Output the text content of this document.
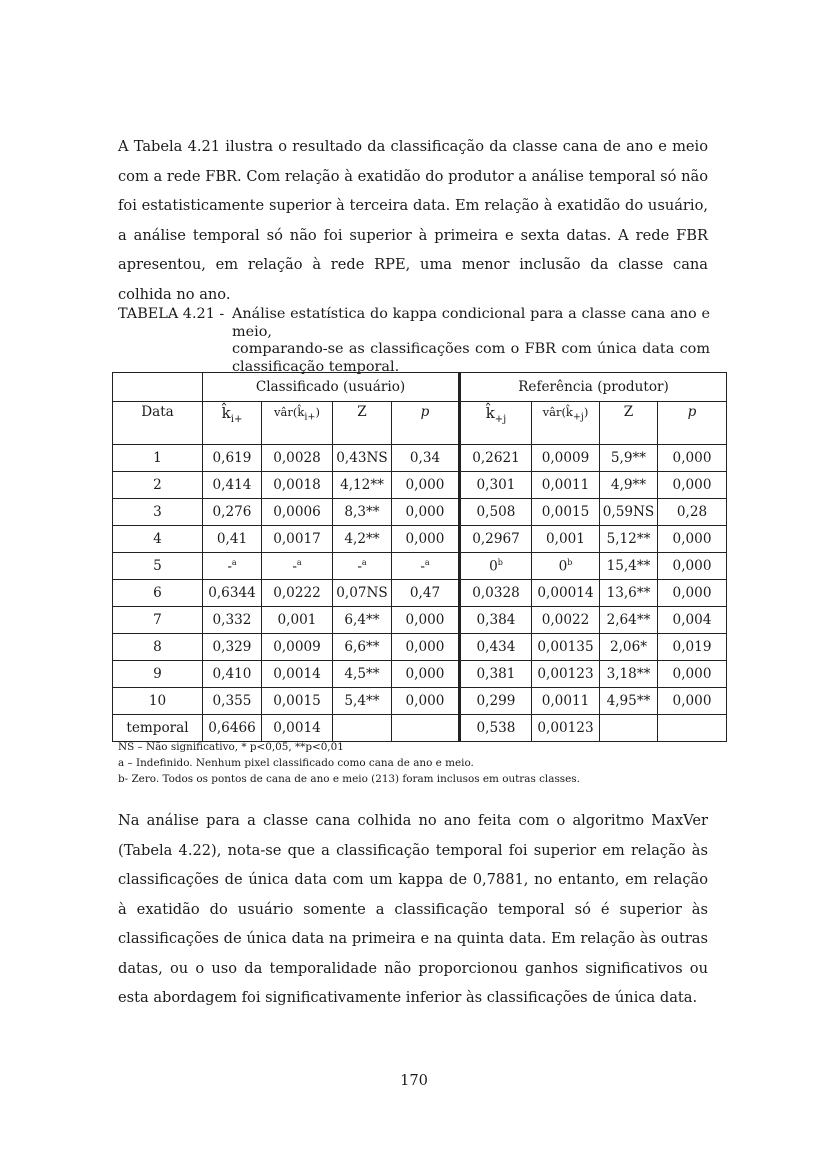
A Tabela 4.21 ilustra o resultado da classificação da classe cana de ano e meio com a rede FBR. Com relação à exatidão do produtor a análise temporal só não foi estatisticamente superior à terceira data. Em relação à exatidão do usuário, a análise temporal só não foi superior à primeira e sexta datas. A rede FBR apresentou, em relação à rede RPE, uma menor inclusão da classe cana colhida no ano.

TABELA 4.21 - Análise estatística do kappa condicional para a classe cana ano e meio,
comparando-se as classificações com o FBR com única data com
classificação temporal.
	Classificado (usuário)				Referência (produtor)			
Data	$k̂_{i+}$	$vâr(k̂_{i+})$	Z	p	$k̂_{+j}$	$vâr(k̂_{+j})$	Z	p
1	0,619	0,0028	0,43NS	0,34	0,2621	0,0009	5,9**	0,000
2	0,414	0,0018	4,12**	0,000	0,301	0,0011	4,9**	0,000
3	0,276	0,0006	8,3**	0,000	0,508	0,0015	0,59NS	0,28
4	0,41	0,0017	4,2**	0,000	0,2967	0,001	5,12**	0,000
5	-$^a$	-$^a$	-$^a$	-$^a$	0$^b$	0$^b$	15,4**	0,000
6	0,6344	0,0222	0,07NS	0,47	0,0328	0,00014	13,6**	0,000
7	0,332	0,001	6,4**	0,000	0,384	0,0022	2,64**	0,004
8	0,329	0,0009	6,6**	0,000	0,434	0,00135	2,06*	0,019
9	0,410	0,0014	4,5**	0,000	0,381	0,00123	3,18**	0,000
10	0,355	0,0015	5,4**	0,000	0,299	0,0011	4,95**	0,000
temporal	0,6466	0,0014			0,538	0,00123		
NS – Não significativo, * p<0,05, **p<0,01
a – Indefinido. Nenhum pixel classificado como cana de ano e meio.
b- Zero. Todos os pontos de cana de ano e meio (213) foram inclusos em outras classes.

Na análise para a classe cana colhida no ano feita com o algoritmo MaxVer (Tabela 4.22), nota-se que a classificação temporal foi superior em relação às classificações de única data com um kappa de 0,7881, no entanto, em relação à exatidão do usuário somente a classificação temporal só é superior às classificações de única data na primeira e na quinta data. Em relação às outras datas, ou o uso da temporalidade não proporcionou ganhos significativos ou esta abordagem foi significativamente inferior às classificações de única data.

170
